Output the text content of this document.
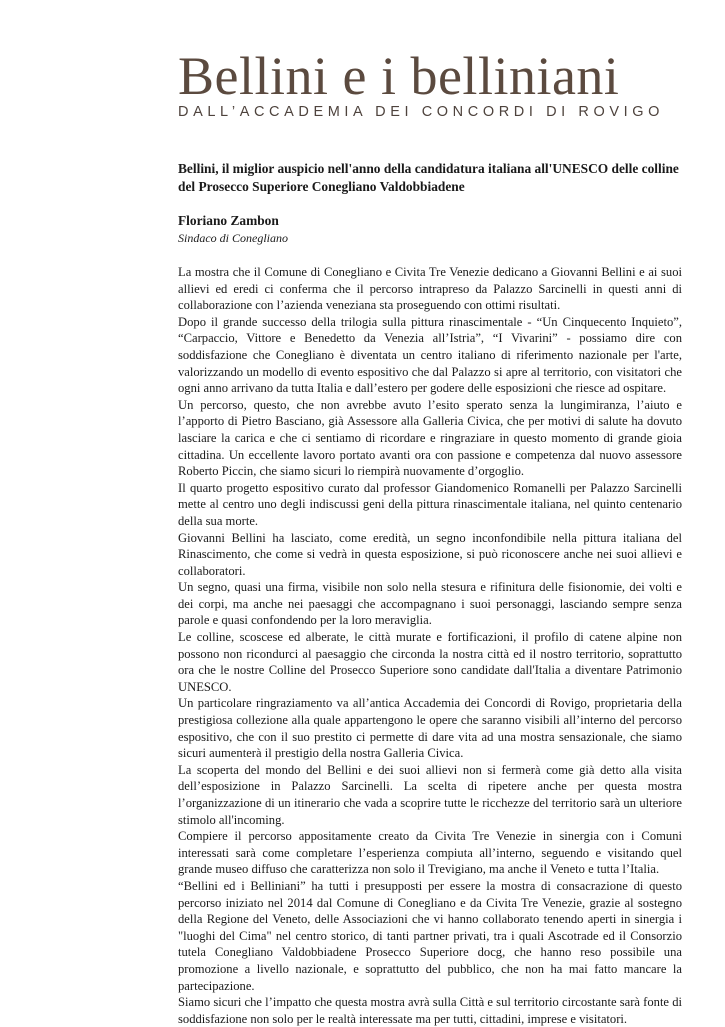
Bellini e i belliniani
DALL’ACCADEMIA DEI CONCORDI DI ROVIGO

Bellini, il miglior auspicio nell'anno della candidatura italiana all'UNESCO delle colline del Prosecco Superiore Conegliano Valdobbiadene

Floriano Zambon
Sindaco di Conegliano

La mostra che il Comune di Conegliano e Civita Tre Venezie dedicano a Giovanni Bellini e ai suoi allievi ed eredi ci conferma che il percorso intrapreso da Palazzo Sarcinelli in questi anni di collaborazione con l’azienda veneziana sta proseguendo con ottimi risultati.

Dopo il grande successo della trilogia sulla pittura rinascimentale - “Un Cinquecento Inquieto”, “Carpaccio, Vittore e Benedetto da Venezia all’Istria”, “I Vivarini” - possiamo dire con soddisfazione che Conegliano è diventata un centro italiano di riferimento nazionale per l'arte, valorizzando un modello di evento espositivo che dal Palazzo si apre al territorio, con visitatori che ogni anno arrivano da tutta Italia e dall’estero per godere delle esposizioni che riesce ad ospitare.

Un percorso, questo, che non avrebbe avuto l’esito sperato senza la lungimiranza, l’aiuto e l’apporto di Pietro Basciano, già Assessore alla Galleria Civica, che per motivi di salute ha dovuto lasciare la carica e che ci sentiamo di ricordare e ringraziare in questo momento di grande gioia cittadina. Un eccellente lavoro portato avanti ora con passione e competenza dal nuovo assessore Roberto Piccin, che siamo sicuri lo riempirà nuovamente d’orgoglio.

Il quarto progetto espositivo curato dal professor Giandomenico Romanelli per Palazzo Sarcinelli mette al centro uno degli indiscussi geni della pittura rinascimentale italiana, nel quinto centenario della sua morte.

Giovanni Bellini ha lasciato, come eredità, un segno inconfondibile nella pittura italiana del Rinascimento, che come si vedrà in questa esposizione, si può riconoscere anche nei suoi allievi e collaboratori.

Un segno, quasi una firma, visibile non solo nella stesura e rifinitura delle fisionomie, dei volti e dei corpi, ma anche nei paesaggi che accompagnano i suoi personaggi, lasciando sempre senza parole e quasi confondendo per la loro meraviglia.

Le colline, scoscese ed alberate, le città murate e fortificazioni, il profilo di catene alpine non possono non ricondurci al paesaggio che circonda la nostra città ed il nostro territorio, soprattutto ora che le nostre Colline del Prosecco Superiore sono candidate dall'Italia a diventare Patrimonio UNESCO.

Un particolare ringraziamento va all’antica Accademia dei Concordi di Rovigo, proprietaria della prestigiosa collezione alla quale appartengono le opere che saranno visibili all’interno del percorso espositivo, che con il suo prestito ci permette di dare vita ad una mostra sensazionale, che siamo sicuri aumenterà il prestigio della nostra Galleria Civica.

La scoperta del mondo del Bellini e dei suoi allievi non si fermerà come già detto alla visita dell’esposizione in Palazzo Sarcinelli. La scelta di ripetere anche per questa mostra l’organizzazione di un itinerario che vada a scoprire tutte le ricchezze del territorio sarà un ulteriore stimolo all'incoming.

Compiere il percorso appositamente creato da Civita Tre Venezie in sinergia con i Comuni interessati sarà come completare l’esperienza compiuta all’interno, seguendo e visitando quel grande museo diffuso che caratterizza non solo il Trevigiano, ma anche il Veneto e tutta l’Italia.

“Bellini ed i Belliniani” ha tutti i presupposti per essere la mostra di consacrazione di questo percorso iniziato nel 2014 dal Comune di Conegliano e da Civita Tre Venezie, grazie al sostegno della Regione del Veneto, delle Associazioni che vi hanno collaborato tenendo aperti in sinergia i "luoghi del Cima" nel centro storico, di tanti partner privati, tra i quali Ascotrade ed il Consorzio tutela Conegliano Valdobbiadene Prosecco Superiore docg, che hanno reso possibile una promozione a livello nazionale, e soprattutto del pubblico, che non ha mai fatto mancare la partecipazione.

Siamo sicuri che l’impatto che questa mostra avrà sulla Città e sul territorio circostante sarà fonte di soddisfazione non solo per le realtà interessate ma per tutti, cittadini, imprese e visitatori.
